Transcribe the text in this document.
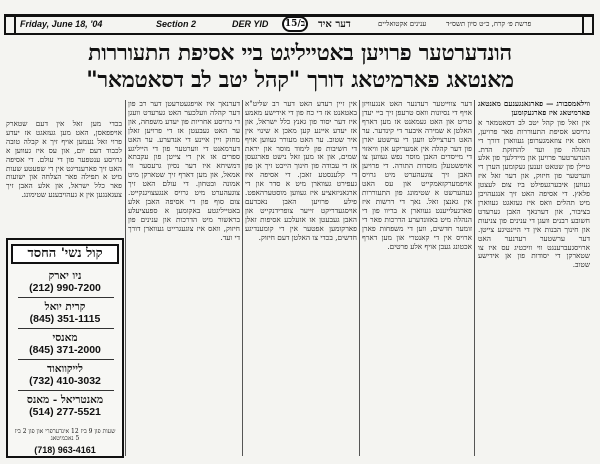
Friday, June 18, '04	Section 2	DER YID	15/ב דער איד	ענינים אקטואליים	פרשת פ׳ קרח, כ״ט סיון תשס״ד
הונדערטער פרויען באטייליגט ביי אסיפת התעוררות
מאנטאג פארמיטאג דורך "קהל יטב לב דסאטמאר"

ווילאמסבורג — פארגאנגענעם מאנטאג פארמיטאג איז פארגעקומען

אין זאל פון קהל יטב לב דסאטמאר א גרויסע אסיפת התעוררות פאר פרויען, וואס איז צוזאמגערופן געווארן דורך די הנהלה פון ועד להחזקת הדת. הונדערטער פרויען און מיידלעך פון אלע טיילן פון שטאט זענען געקומען הערן די ווערטער פון חיזוק, און דער זאל איז געווען איבערגעפילט ביז צום לעצטן פלאץ. די אסיפה האט זיך אנגעהויבן מיט תהלים וואס איז געזאגט געווארן בציבור, און דערנאך האבן גערעדט חשובע רבנים וועגן די ענינים פון צניעות און חינוך הבנות אין די היינטיגע צייטן. דער ערשטער רעדנער האט ארויסגעברענגט ווי וויכטיג עס איז צו שטארקן די יסודות פון אן אידישע שטוב.

דער צווייטער רעדנער האט אנגעוויזן אויף די נסיונות וואס טרעפן זיך ביי יעדן טריט און האט געמאנט אז מען דארף האלטן א שמירה איבער די קינדער. ער האט דערציילט וועגן די ערשטע יארן פון דער קהלה אין אמעריקע און וויאזוי די מייסדים האבן מוסר נפש געווען צו אויפשטעלן מוסדות התורה. די פרויען האבן זיך צוגעהערט מיט גרויס אויפמערקזאמקייט און עס האט געהערשט א שטימונג פון התעוררות אין גאנצן זאל. נאך די דרשות איז פארגעלייענט געווארן א בריוו פון די הנהלה מיט באזונדערע הדרכות פאר די זומער חדשים, ווען די משפחות פארן ארויס אין די קאנטרי און מען דארף אכטונג געבן אויף אלע פרטים.

אין זיין רעדע האט דער רב שליט"א באטאנט אז די כח פון די אידישע מאמע איז דער יסוד פון גאנץ כלל ישראל, און אז יעדע איינע קען מאכן א שינוי אין איר שטוב. ער האט מעורר געווען אויף די חשיבות פון לימוד מוסר און יראת שמים, און אז מען זאל נישט פארגעסן אז די עבודה פון חינוך הייבט זיך אן פון די קלענסטע זאכן. די אסיפה איז געפירט געווארן מיט א סדר און די ארגאניזאציע איז געווען מוסטערהאפט. פילע פרויען האבן נאכדעם אויסגעדריקט זייער צופרידנקייט און האבן געבעטן אז אזעלכע אסיפות זאלן פארקומען אפטער אין די קומענדיגע חדשים, בכדי צו האלטן דעם חיזוק.

דערנאך איז אויפגעטרעטן דער רב פון דער קהלה וועלכער האט גערעדט וועגן די גרויסע אחריות פון יעדע משפחה, און ער האט געבעטן אז די פרויען זאלן מחזק זיין איינע די אנדערע. ער האט דערמאנט די ווערטער פון די הייליגע ספרים אז אין די צייטן פון עקבתא דמשיחא איז דער נסיון גרעסער ווי אמאל, און מען דארף זיך שטארקן מיט אמונה ובטחון. די עולם האט זיך צוגעהערט מיט גרויס אנגעצויגנקייט. צום סוף פון די אסיפה האבן אלע באטייליגטע באקומען א ספעציעלע בראשור מיט הדרכות און ענינים פון חיזוק, וואס איז צוגעגרייט געווארן דורך די ועד.

בכדי מען זאל אין דעם שטארק אויפפאסן, האט מען געזאגט אז יעדע פרוי זאל נעמען אויף זיך א קבלה טובה לכבוד דעם יום, און עס איז געווען א גרויסע ענטפער פון די עולם. די אסיפה האט זיך פארענדיגט אין די שפעטע שעות מיט א תפילה פאר הצלחה און ישועות פאר כלל ישראל, און אלע האבן זיך צעגאנגען אין א געהויבענע שטימונג.

קול נשי' החסד
ניו יארק
(212) 990-7200
קרית יואל
(845) 351-1115
מאנסי
(845) 371-2000
לייקוואוד
(732) 410-3032
מאנטריאל - מאנס
(514) 277-5521
שעות פון 9 ביז 12 אינדערפרי און פון 2 ביז 5 נאכמיטאג
(718) 963-4161
